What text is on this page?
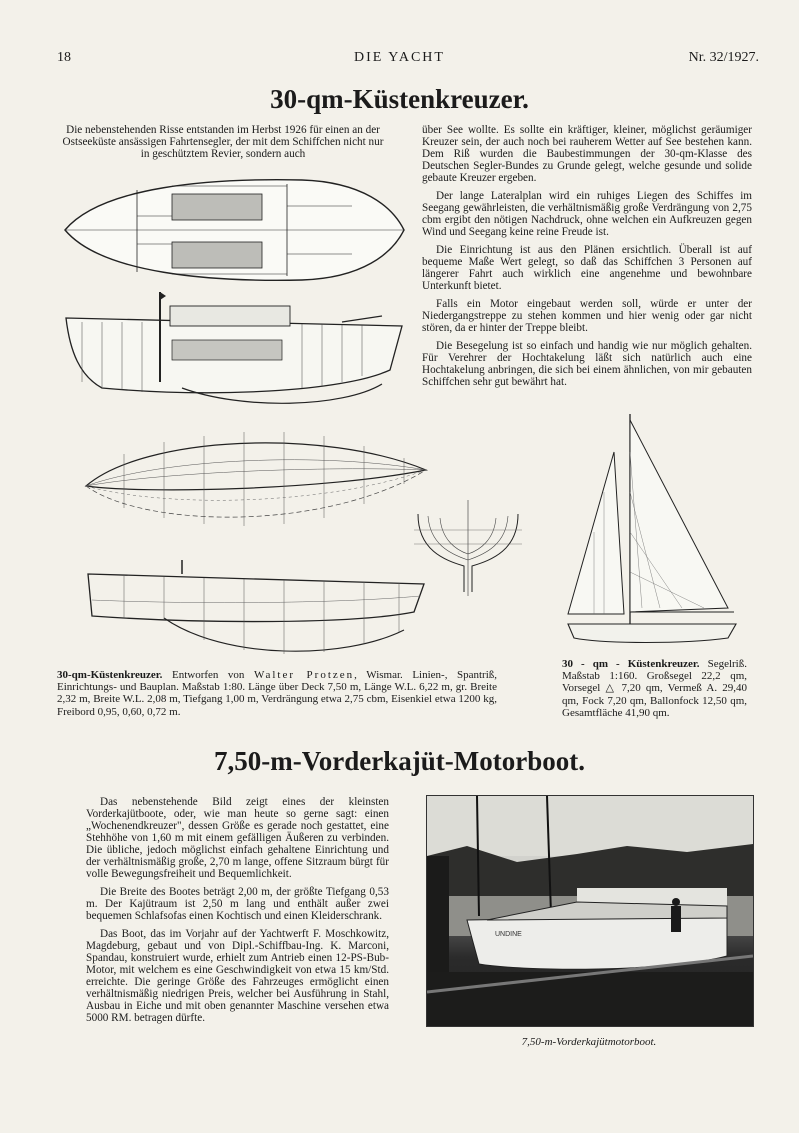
18	DIE YACHT	Nr. 32/1927.
30-qm-Küstenkreuzer.

Die nebenstehenden Risse entstanden im Herbst 1926 für einen an der Ostseeküste ansässigen Fahrtensegler, der mit dem Schiffchen nicht nur in geschütztem Revier, sondern auch

über See wollte. Es sollte ein kräftiger, kleiner, möglichst geräumiger Kreuzer sein, der auch noch bei rauherem Wetter auf See bestehen kann. Dem Riß wurden die Baubestimmungen der 30-qm-Klasse des Deutschen Segler-Bundes zu Grunde gelegt, welche gesunde und solide gebaute Kreuzer ergeben.

Der lange Lateralplan wird ein ruhiges Liegen des Schiffes im Seegang gewährleisten, die verhältnismäßig große Verdrängung von 2,75 cbm ergibt den nötigen Nachdruck, ohne welchen ein Aufkreuzen gegen Wind und Seegang keine reine Freude ist.

Die Einrichtung ist aus den Plänen ersichtlich. Überall ist auf bequeme Maße Wert gelegt, so daß das Schiffchen 3 Personen auf längerer Fahrt auch wirklich eine angenehme und bewohnbare Unterkunft bietet.

Falls ein Motor eingebaut werden soll, würde er unter der Niedergangstreppe zu stehen kommen und hier wenig oder gar nicht stören, da er hinter der Treppe bleibt.

Die Besegelung ist so einfach und handig wie nur möglich gehalten. Für Verehrer der Hochtakelung läßt sich natürlich auch eine Hochtakelung anbringen, die sich bei einem ähnlichen, von mir gebauten Schiffchen sehr gut bewährt hat.

30-qm-Küstenkreuzer. Entworfen von Walter Protzen, Wismar. Linien-, Spantriß, Einrichtungs- und Bauplan. Maßstab 1:80. Länge über Deck 7,50 m, Länge W.L. 6,22 m, gr. Breite 2,32 m, Breite W.L. 2,08 m, Tiefgang 1,00 m, Verdrängung etwa 2,75 cbm, Eisenkiel etwa 1200 kg, Freibord 0,95, 0,60, 0,72 m.
30 - qm - Küstenkreuzer. Segelriß. Maßstab 1:160. Großsegel 22,2 qm, Vorsegel △ 7,20 qm, Vermeß A. 29,40 qm, Fock 7,20 qm, Ballonfock 12,50 qm, Gesamtfläche 41,90 qm.
7,50-m-Vorderkajüt-Motorboot.

Das nebenstehende Bild zeigt eines der kleinsten Vorderkajütboote, oder, wie man heute so gerne sagt: einen „Wochenendkreuzer", dessen Größe es gerade noch gestattet, eine Stehhöhe von 1,60 m mit einem gefälligen Äußeren zu verbinden. Die übliche, jedoch möglichst einfach gehaltene Einrichtung und der verhältnismäßig große, 2,70 m lange, offene Sitzraum bürgt für volle Bewegungsfreiheit und Bequemlichkeit.

Die Breite des Bootes beträgt 2,00 m, der größte Tiefgang 0,53 m. Der Kajütraum ist 2,50 m lang und enthält außer zwei bequemen Schlafsofas einen Kochtisch und einen Kleiderschrank.

Das Boot, das im Vorjahr auf der Yachtwerft F. Moschkowitz, Magdeburg, gebaut und von Dipl.-Schiffbau-Ing. K. Marconi, Spandau, konstruiert wurde, erhielt zum Antrieb einen 12-PS-Bub-Motor, mit welchem es eine Geschwindigkeit von etwa 15 km/Std. erreichte. Die geringe Größe des Fahrzeuges ermöglicht einen verhältnismäßig niedrigen Preis, welcher bei Ausführung in Stahl, Ausbau in Eiche und mit oben genannter Maschine versehen etwa 5000 RM. betragen dürfte.

UNDINE
7,50-m-Vorderkajütmotorboot.
